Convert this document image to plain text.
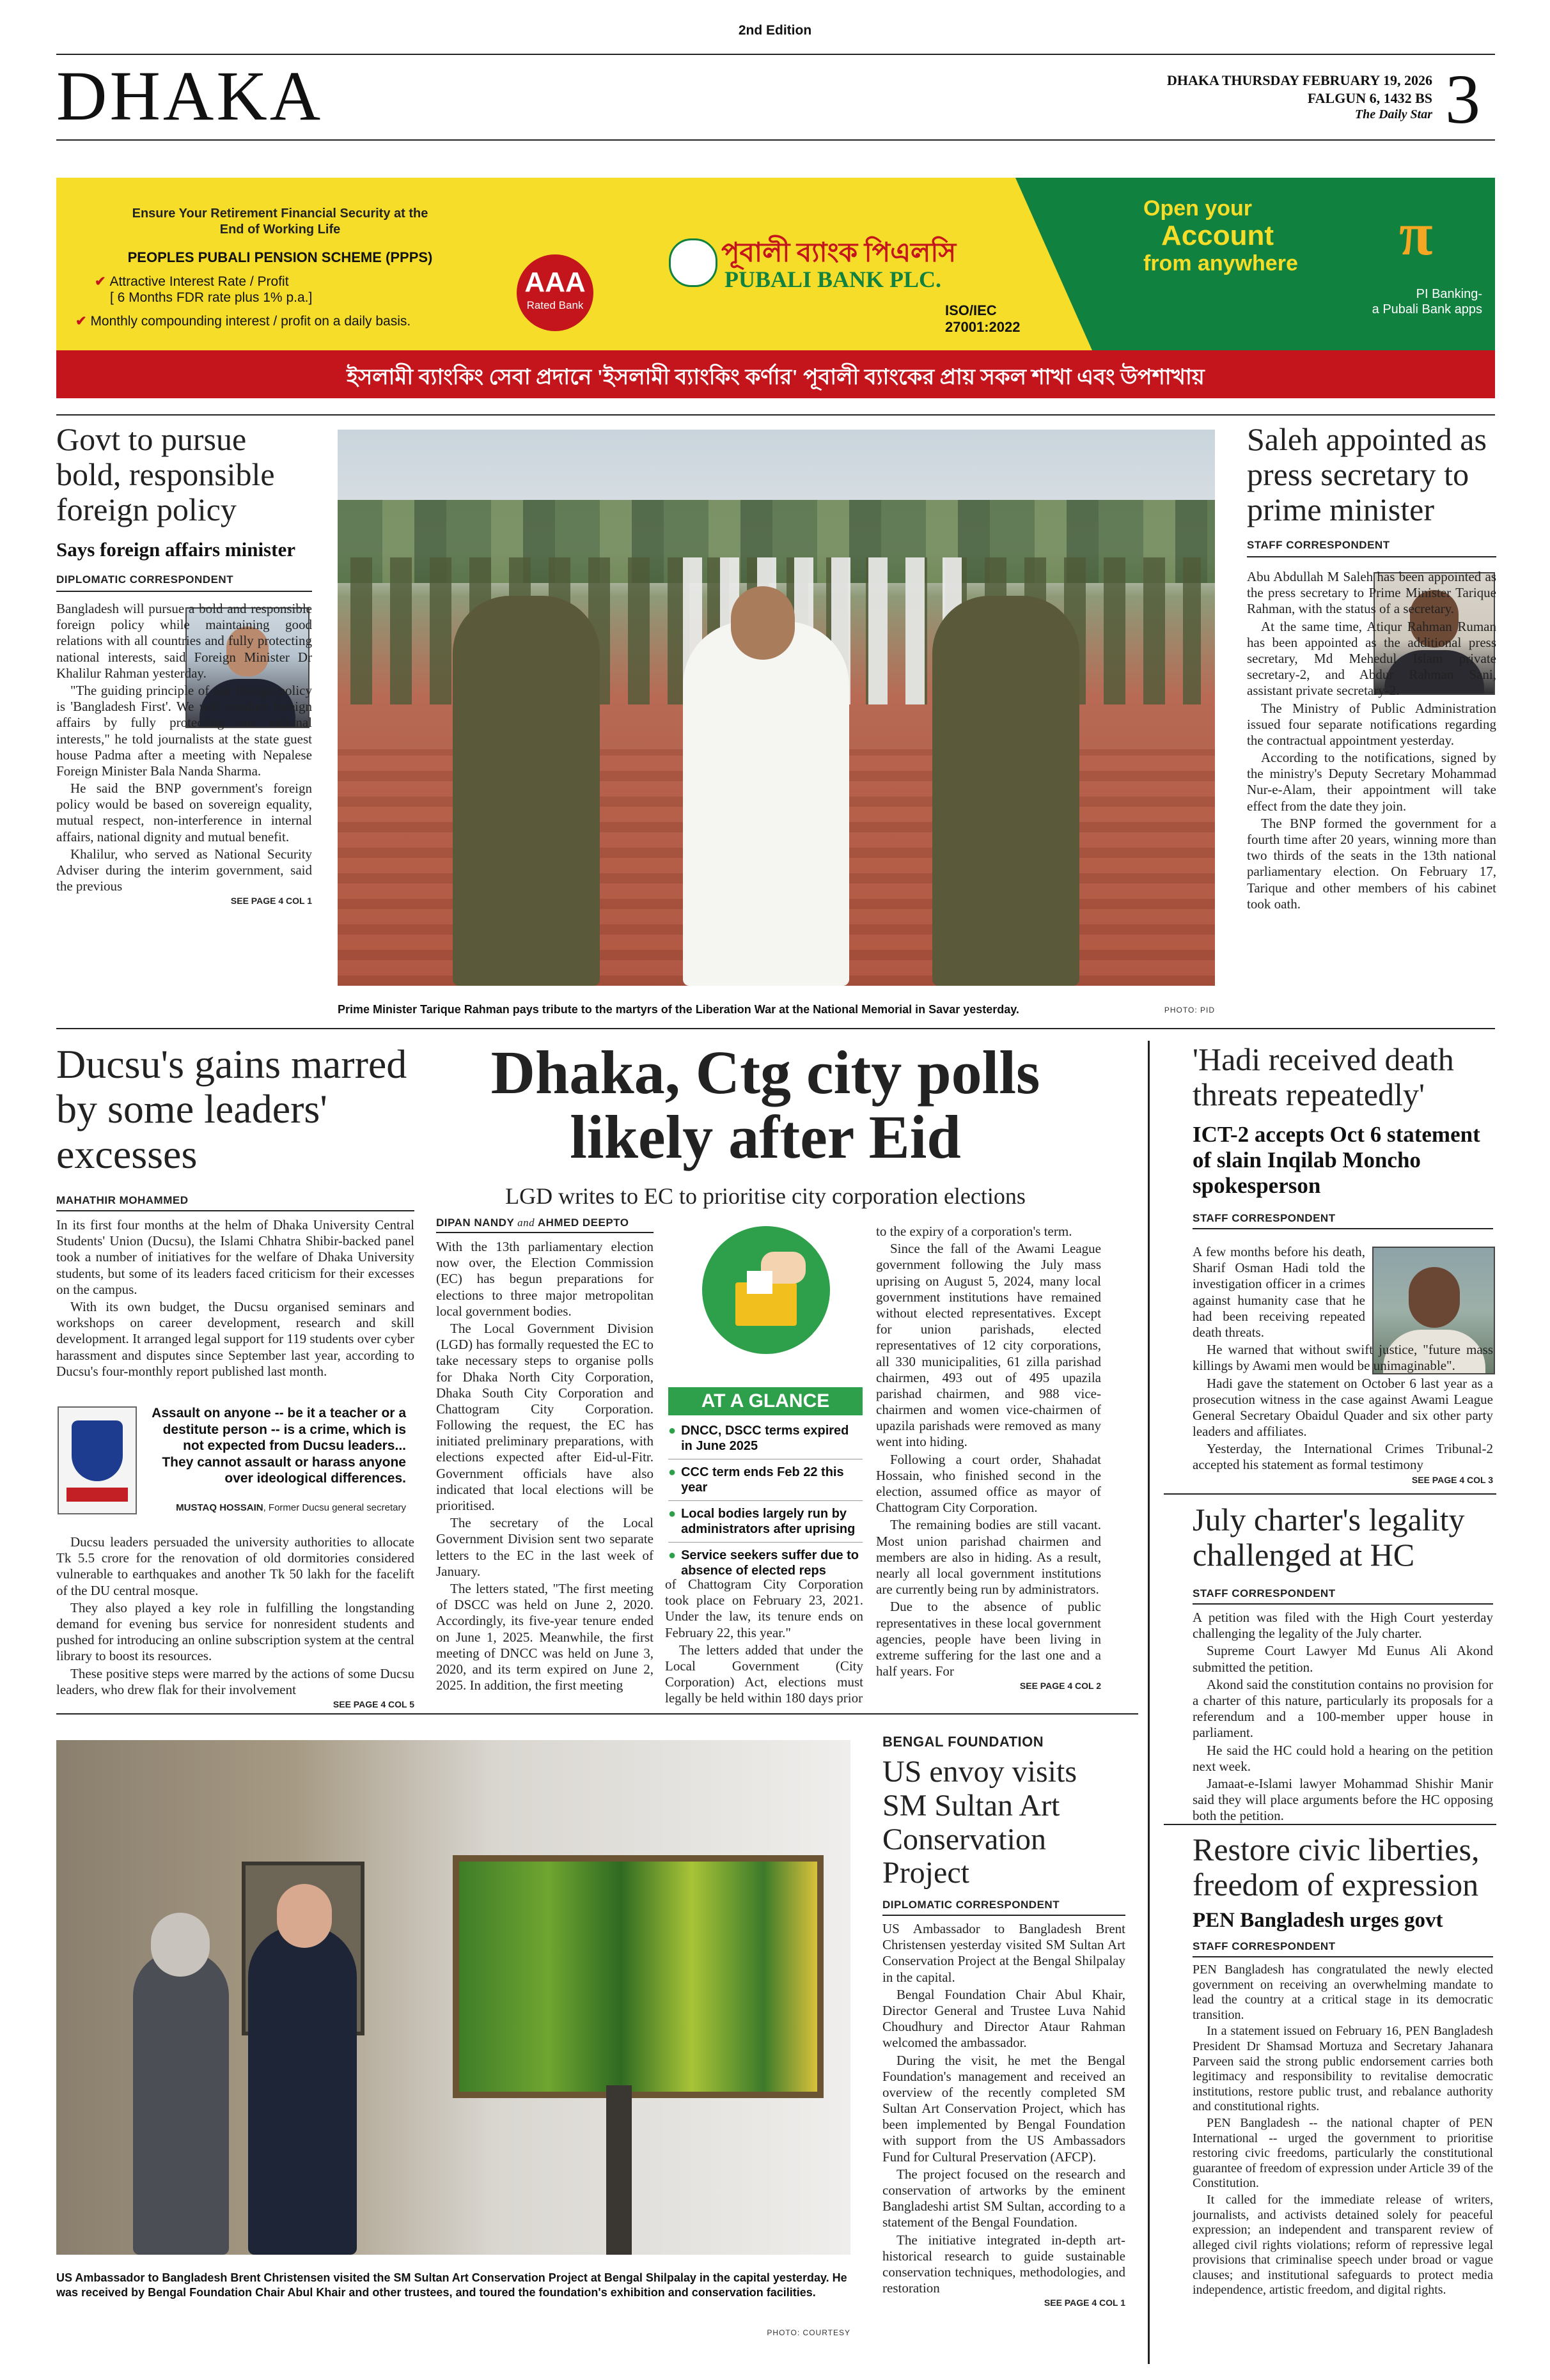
2nd Edition
DHAKA	DHAKA THURSDAY FEBRUARY 19, 2026
FALGUN 6, 1432 BS
The Daily Star 3
Ensure Your Retirement Financial Security at the End of Working Life
PEOPLES PUBALI PENSION SCHEME (PPPS)
✔ Attractive Interest Rate / Profit
[ 6 Months FDR rate plus 1% p.a.]
✔ Monthly compounding interest / profit on a daily basis.
AAA
Rated Bank
পূবালী ব্যাংক পিএলসি
PUBALI BANK PLC.
ISO/IEC
27001:2022
Open your
Account
from anywhere π
PI Banking-
a Pubali Bank apps
ইসলামী ব্যাংকিং সেবা প্রদানে 'ইসলামী ব্যাংকিং কর্ণার' পূবালী ব্যাংকের প্রায় সকল শাখা এবং উপশাখায়
Govt to pursue bold, responsible foreign policy
Says foreign affairs minister
DIPLOMATIC CORRESPONDENT

Bangladesh will pursue a bold and responsible foreign policy while maintaining good relations with all countries and fully protecting national interests, said Foreign Minister Dr Khalilur Rahman yesterday.

"The guiding principle of our foreign policy is 'Bangladesh First'. We will conduct foreign affairs by fully protecting our national interests," he told journalists at the state guest house Padma after a meeting with Nepalese Foreign Minister Bala Nanda Sharma.

He said the BNP government's foreign policy would be based on sovereign equality, mutual respect, non-interference in internal affairs, national dignity and mutual benefit.

Khalilur, who served as National Security Adviser during the interim government, said the previous

SEE PAGE 4 COL 1
Prime Minister Tarique Rahman pays tribute to the martyrs of the Liberation War at the National Memorial in Savar yesterday.	PHOTO: PID
Saleh appointed as press secretary to prime minister
STAFF CORRESPONDENT

Abu Abdullah M Saleh has been appointed as the press secretary to Prime Minister Tarique Rahman, with the status of a secretary.

At the same time, Atiqur Rahman Ruman has been appointed as the additional press secretary, Md Mehedul Islam private secretary-2, and Abdur Rahman Sani, assistant private secretary-2.

The Ministry of Public Administration issued four separate notifications regarding the contractual appointment yesterday.

According to the notifications, signed by the ministry's Deputy Secretary Mohammad Nur-e-Alam, their appointment will take effect from the date they join.

The BNP formed the government for a fourth time after 20 years, winning more than two thirds of the seats in the 13th national parliamentary election. On February 17, Tarique and other members of his cabinet took oath.

Ducsu's gains marred by some leaders' excesses
MAHATHIR MOHAMMED

In its first four months at the helm of Dhaka University Central Students' Union (Ducsu), the Islami Chhatra Shibir-backed panel took a number of initiatives for the welfare of Dhaka University students, but some of its leaders faced criticism for their excesses on the campus.

With its own budget, the Ducsu organised seminars and workshops on career development, research and skill development. It arranged legal support for 119 students over cyber harassment and disputes since September last year, according to Ducsu's four-monthly report published last month.

Assault on anyone -- be it a teacher or a destitute person -- is a crime, which is not expected from Ducsu leaders... They cannot assault or harass anyone over ideological differences.
MUSTAQ HOSSAIN, Former Ducsu general secretary

Ducsu leaders persuaded the university authorities to allocate Tk 5.5 crore for the renovation of old dormitories considered vulnerable to earthquakes and another Tk 50 lakh for the facelift of the DU central mosque.

They also played a key role in fulfilling the longstanding demand for evening bus service for nonresident students and pushed for introducing an online subscription system at the central library to boost its resources.

These positive steps were marred by the actions of some Ducsu leaders, who drew flak for their involvement

SEE PAGE 4 COL 5
Dhaka, Ctg city polls
likely after Eid
LGD writes to EC to prioritise city corporation elections
DIPAN NANDY and AHMED DEEPTO

With the 13th parliamentary election now over, the Election Commission (EC) has begun preparations for elections to three major metropolitan local government bodies.

The Local Government Division (LGD) has formally requested the EC to take necessary steps to organise polls for Dhaka North City Corporation, Dhaka South City Corporation and Chattogram City Corporation. Following the request, the EC has initiated preliminary preparations, with elections expected after Eid-ul-Fitr. Government officials have also indicated that local elections will be prioritised.

The secretary of the Local Government Division sent two separate letters to the EC in the last week of January.

The letters stated, "The first meeting of DSCC was held on June 2, 2020. Accordingly, its five-year tenure ended on June 1, 2025. Meanwhile, the first meeting of DNCC was held on June 3, 2020, and its term expired on June 2, 2025. In addition, the first meeting

AT A GLANCE
● DNCC, DSCC terms expired in June 2025
● CCC term ends Feb 22 this year
● Local bodies largely run by administrators after uprising
● Service seekers suffer due to absence of elected reps

of Chattogram City Corporation took place on February 23, 2021. Under the law, its tenure ends on February 22, this year."

The letters added that under the Local Government (City Corporation) Act, elections must legally be held within 180 days prior

to the expiry of a corporation's term.

Since the fall of the Awami League government following the July mass uprising on August 5, 2024, many local government institutions have remained without elected representatives. Except for union parishads, elected representatives of 12 city corporations, all 330 municipalities, 61 zilla parishad chairmen, 493 out of 495 upazila parishad chairmen, and 988 vice-chairmen and women vice-chairmen of upazila parishads were removed as many went into hiding.

Following a court order, Shahadat Hossain, who finished second in the election, assumed office as mayor of Chattogram City Corporation.

The remaining bodies are still vacant. Most union parishad chairmen and members are also in hiding. As a result, nearly all local government institutions are currently being run by administrators.

Due to the absence of public representatives in these local government agencies, people have been living in extreme suffering for the last one and a half years. For

SEE PAGE 4 COL 2
'Hadi received death threats repeatedly'
ICT-2 accepts Oct 6 statement of slain Inqilab Moncho spokesperson
STAFF CORRESPONDENT

A few months before his death, Sharif Osman Hadi told the investigation officer in a crimes against humanity case that he had been receiving repeated death threats.

He warned that without swift justice, "future mass killings by Awami men would be unimaginable".

Hadi gave the statement on October 6 last year as a prosecution witness in the case against Awami League General Secretary Obaidul Quader and six other party leaders and affiliates.

Yesterday, the International Crimes Tribunal-2 accepted his statement as formal testimony

SEE PAGE 4 COL 3
July charter's legality challenged at HC
STAFF CORRESPONDENT

A petition was filed with the High Court yesterday challenging the legality of the July charter.

Supreme Court Lawyer Md Eunus Ali Akond submitted the petition.

Akond said the constitution contains no provision for a charter of this nature, particularly its proposals for a referendum and a 100-member upper house in parliament.

He said the HC could hold a hearing on the petition next week.

Jamaat-e-Islami lawyer Mohammad Shishir Manir said they will place arguments before the HC opposing both the petition.

Restore civic liberties, freedom of expression
PEN Bangladesh urges govt
STAFF CORRESPONDENT

PEN Bangladesh has congratulated the newly elected government on receiving an overwhelming mandate to lead the country at a critical stage in its democratic transition.

In a statement issued on February 16, PEN Bangladesh President Dr Shamsad Mortuza and Secretary Jahanara Parveen said the strong public endorsement carries both legitimacy and responsibility to revitalise democratic institutions, restore public trust, and rebalance authority and constitutional rights.

PEN Bangladesh -- the national chapter of PEN International -- urged the government to prioritise restoring civic freedoms, particularly the constitutional guarantee of freedom of expression under Article 39 of the Constitution.

It called for the immediate release of writers, journalists, and activists detained solely for peaceful expression; an independent and transparent review of alleged civil rights violations; reform of repressive legal provisions that criminalise speech under broad or vague clauses; and institutional safeguards to protect media independence, artistic freedom, and digital rights.

US Ambassador to Bangladesh Brent Christensen visited the SM Sultan Art Conservation Project at Bengal Shilpalay in the capital yesterday. He was received by Bengal Foundation Chair Abul Khair and other trustees, and toured the foundation's exhibition and conservation facilities.
PHOTO: COURTESY
BENGAL FOUNDATION
US envoy visits SM Sultan Art Conservation Project
DIPLOMATIC CORRESPONDENT

US Ambassador to Bangladesh Brent Christensen yesterday visited SM Sultan Art Conservation Project at the Bengal Shilpalay in the capital.

Bengal Foundation Chair Abul Khair, Director General and Trustee Luva Nahid Choudhury and Director Ataur Rahman welcomed the ambassador.

During the visit, he met the Bengal Foundation's management and received an overview of the recently completed SM Sultan Art Conservation Project, which has been implemented by Bengal Foundation with support from the US Ambassadors Fund for Cultural Preservation (AFCP).

The project focused on the research and conservation of artworks by the eminent Bangladeshi artist SM Sultan, according to a statement of the Bengal Foundation.

The initiative integrated in-depth art-historical research to guide sustainable conservation techniques, methodologies, and restoration

SEE PAGE 4 COL 1
